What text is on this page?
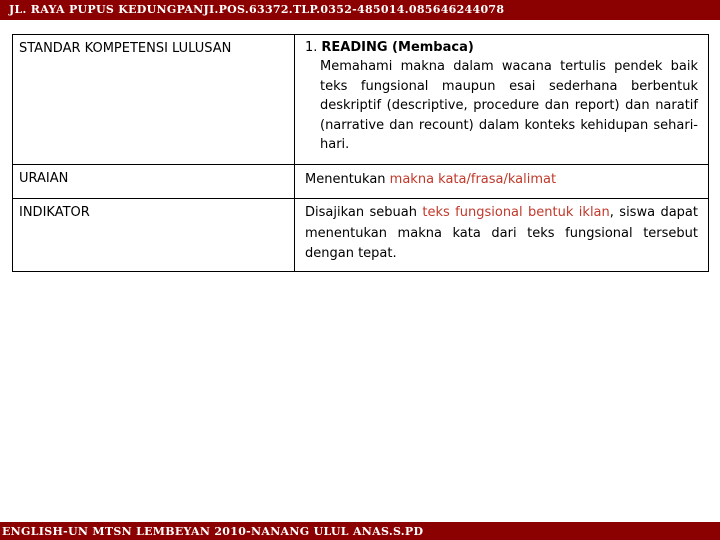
JL. RAYA PUPUS KEDUNGPANJI.POS.63372.TLP.0352-485014.085646244078
STANDAR KOMPETENSI LULUSAN	1. READING (Membaca)
Memahami makna dalam wacana tertulis pendek baik teks fungsional maupun esai sederhana berbentuk deskriptif (descriptive, procedure dan report) dan naratif (narrative dan recount) dalam konteks kehidupan sehari-hari.

URAIAN	Menentukan makna kata/frasa/kalimat

INDIKATOR	Disajikan sebuah teks fungsional bentuk iklan, siswa dapat menentukan makna kata dari teks fungsional tersebut dengan tepat.
ENGLISH-UN MTSN LEMBEYAN 2010-NANANG ULUL ANAS.S.PD
